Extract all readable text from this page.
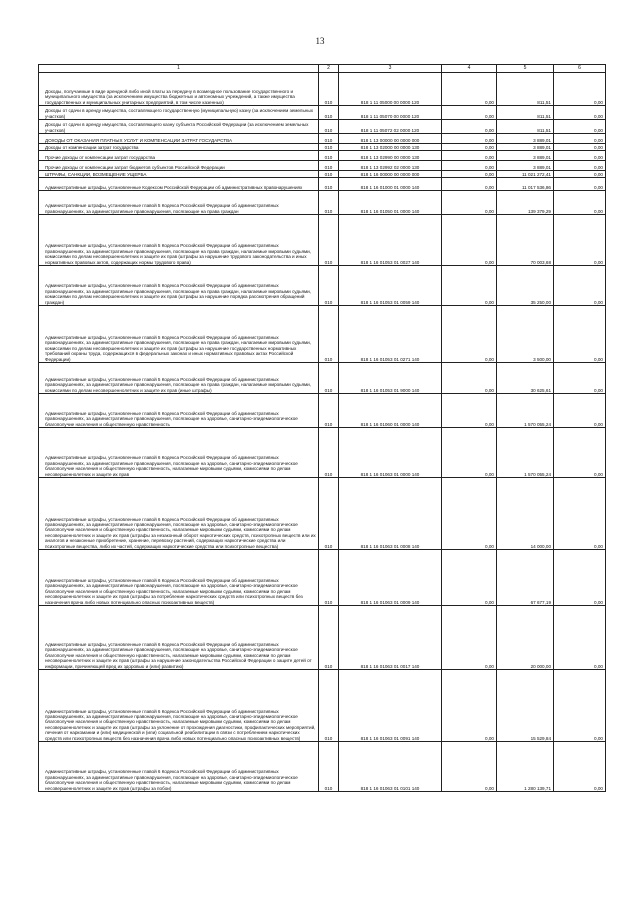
13
1	2	3	4	5	6

Доходы, получаемые в виде арендной либо иной платы за передачу в возмездное пользование государственного и муниципального имущества (за исключением имущества бюджетных и автономных учреждений, а также имущества государственных и муниципальных унитарных предприятий, в том числе казенных)	010	818 1 11 05000 00 0000 120	0,00	811,51	0,00

Доходы от сдачи в аренду имущества, составляющего государственную (муниципальную) казну (за исключением земельных участков)	010	818 1 11 05070 00 0000 120	0,00	811,51	0,00

Доходы от сдачи в аренду имущества, составляющего казну субъекта Российской Федерации (за исключением земельных участков)	010	818 1 11 05072 02 0000 120	0,00	811,51	0,00

ДОХОДЫ ОТ ОКАЗАНИЯ ПЛАТНЫХ УСЛУГ И КОМПЕНСАЦИИ ЗАТРАТ ГОСУДАРСТВА	010	818 1 13 00000 00 0000 000	0,00	3 889,01	0,00

Доходы от компенсации затрат государства	010	818 1 13 02000 00 0000 130	0,00	3 889,01	0,00

Прочие доходы от компенсации затрат государства	010	818 1 13 02990 00 0000 130	0,00	3 889,01	0,00

Прочие доходы от компенсации затрат бюджетов субъектов Российской Федерации	010	818 1 13 02992 02 0000 130	0,00	3 889,01	0,00

ШТРАФЫ, САНКЦИИ, ВОЗМЕЩЕНИЕ УЩЕРБА	010	818 1 16 00000 00 0000 000	0,00	11 021 272,41	0,00

Административные штрафы, установленные Кодексом Российской Федерации об административных правонарушениях	010	818 1 16 01000 01 0000 140	0,00	11 017 536,86	0,00

Административные штрафы, установленные главой 5 Кодекса Российской Федерации об административных правонарушениях, за административные правонарушения, посягающие на права граждан	010	818 1 16 01050 01 0000 140	0,00	139 379,29	0,00

Административные штрафы, установленные главой 5 Кодекса Российской Федерации об административных правонарушениях, за административные правонарушения, посягающие на права граждан, налагаемые мировыми судьями, комиссиями по делам несовершеннолетних и защите их прав (штрафы за нарушение трудового законодательства и иных нормативных правовых актов, содержащих нормы трудового права)	010	818 1 16 01053 01 0027 140	0,00	70 003,68	0,00

Административные штрафы, установленные главой 5 Кодекса Российской Федерации об административных правонарушениях, за административные правонарушения, посягающие на права граждан, налагаемые мировыми судьями, комиссиями по делам несовершеннолетних и защите их прав (штрафы за нарушение порядка рассмотрения обращений граждан)	010	818 1 16 01053 01 0059 140	0,00	35 250,00	0,00

Административные штрафы, установленные главой 5 Кодекса Российской Федерации об административных правонарушениях, за административные правонарушения, посягающие на права граждан, налагаемые мировыми судьями, комиссиями по делам несовершеннолетних и защите их прав (штрафы за нарушение государственных нормативных требований охраны труда, содержащихся в федеральных законах и иных нормативных правовых актах Российской Федерации)	010	818 1 16 01053 01 0271 140	0,00	3 500,00	0,00

Административные штрафы, установленные главой 5 Кодекса Российской Федерации об административных правонарушениях, за административные правонарушения, посягающие на права граждан, налагаемые мировыми судьями, комиссиями по делам несовершеннолетних и защите их прав (иные штрафы)	010	818 1 16 01053 01 9000 140	0,00	30 625,61	0,00

Административные штрафы, установленные главой 6 Кодекса Российской Федерации об административных правонарушениях, за административные правонарушения, посягающие на здоровье, санитарно-эпидемиологическое благополучие населения и общественную нравственность	010	818 1 16 01060 01 0000 140	0,00	1 570 055,24	0,00

Административные штрафы, установленные главой 6 Кодекса Российской Федерации об административных правонарушениях, за административные правонарушения, посягающие на здоровье, санитарно-эпидемиологическое благополучие населения и общественную нравственность, налагаемые мировыми судьями, комиссиями по делам несовершеннолетних и защите их прав	010	818 1 16 01063 01 0000 140	0,00	1 570 055,24	0,00

Административные штрафы, установленные главой 6 Кодекса Российской Федерации об административных правонарушениях, за административные правонарушения, посягающие на здоровье, санитарно-эпидемиологическое благополучие населения и общественную нравственность, налагаемые мировыми судьями, комиссиями по делам несовершеннолетних и защите их прав (штрафы за незаконный оборот наркотических средств, психотропных веществ или их аналогов и незаконные приобретение, хранение, перевозку растений, содержащих наркотические средства или психотропные вещества, либо их частей, содержащих наркотические средства или психотропные вещества)	010	818 1 16 01063 01 0008 140	0,00	14 000,00	0,00

Административные штрафы, установленные главой 6 Кодекса Российской Федерации об административных правонарушениях, за административные правонарушения, посягающие на здоровье, санитарно-эпидемиологическое благополучие населения и общественную нравственность, налагаемые мировыми судьями, комиссиями по делам несовершеннолетних и защите их прав (штрафы за потребление наркотических средств или психотропных веществ без назначения врача либо новых потенциально опасных психоактивных веществ)	010	818 1 16 01063 01 0009 140	0,00	67 677,19	0,00

Административные штрафы, установленные главой 6 Кодекса Российской Федерации об административных правонарушениях, за административные правонарушения, посягающие на здоровье, санитарно-эпидемиологическое благополучие населения и общественную нравственность, налагаемые мировыми судьями, комиссиями по делам несовершеннолетних и защите их прав (штрафы за нарушение законодательства Российской Федерации о защите детей от информации, причиняющей вред их здоровью и (или) развитию)	010	818 1 16 01063 01 0017 140	0,00	20 000,00	0,00

Административные штрафы, установленные главой 6 Кодекса Российской Федерации об административных правонарушениях, за административные правонарушения, посягающие на здоровье, санитарно-эпидемиологическое благополучие населения и общественную нравственность, налагаемые мировыми судьями, комиссиями по делам несовершеннолетних и защите их прав (штрафы за уклонение от прохождения диагностики, профилактических мероприятий, лечения от наркомании и (или) медицинской и (или) социальной реабилитации в связи с потреблением наркотических средств или психотропных веществ без назначения врача либо новых потенциально опасных психоактивных веществ)	010	818 1 16 01063 01 0091 140	0,00	15 529,84	0,00

Административные штрафы, установленные главой 6 Кодекса Российской Федерации об административных правонарушениях, за административные правонарушения, посягающие на здоровье, санитарно-эпидемиологическое благополучие населения и общественную нравственность, налагаемые мировыми судьями, комиссиями по делам несовершеннолетних и защите их прав (штрафы за побои)	010	818 1 16 01063 01 0101 140	0,00	1 280 139,71	0,00
